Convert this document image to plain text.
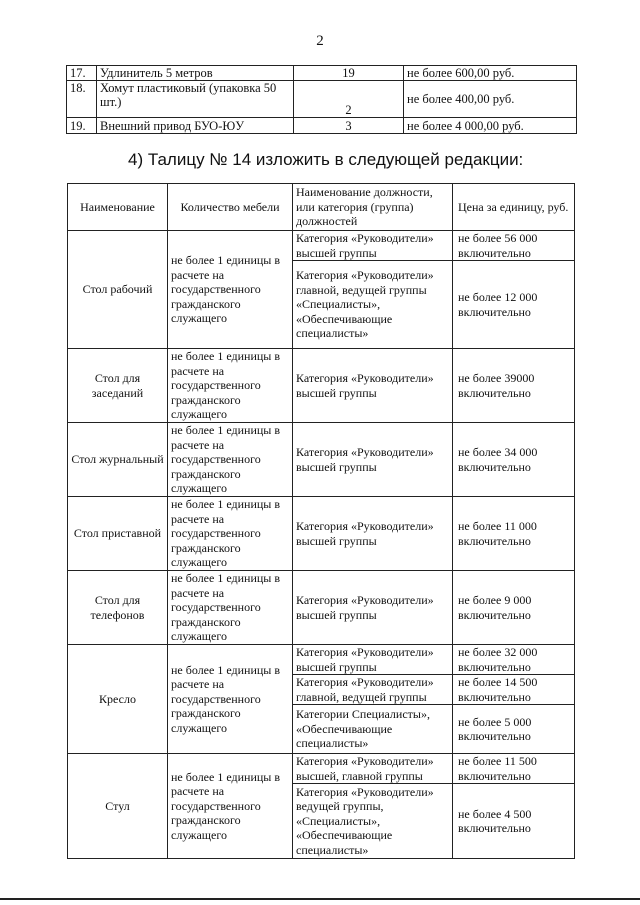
2
17.	Удлинитель 5 метров	19	не более 600,00 руб.
18.	Хомут пластиковый (упаковка 50 шт.)	2	не более 400,00 руб.
19.	Внешний привод БУО-ЮУ	3	не более 4 000,00 руб.
4) Талицу № 14 изложить в следующей редакции:
Наименование	Количество мебели	Наименование должности, или категория (группа) должностей	Цена за единицу, руб.
Стол рабочий	не более 1 единицы в расчете на государственного гражданского служащего	Категория «Руководители» высшей группы	не более 56 000 включительно
		Категория «Руководители» главной, ведущей группы «Специалисты», «Обеспечивающие специалисты»	не более 12 000 включительно
Стол для заседаний	не более 1 единицы в расчете на государственного гражданского служащего	Категория «Руководители» высшей группы	не более 39000 включительно
Стол журнальный	не более 1 единицы в расчете на государственного гражданского служащего	Категория «Руководители» высшей группы	не более 34 000 включительно
Стол приставной	не более 1 единицы в расчете на государственного гражданского служащего	Категория «Руководители» высшей группы	не более 11 000 включительно
Стол для телефонов	не более 1 единицы в расчете на государственного гражданского служащего	Категория «Руководители» высшей группы	не более 9 000 включительно
Кресло	не более 1 единицы в расчете на государственного гражданского служащего	Категория «Руководители» высшей группы	не более 32 000 включительно
		Категория «Руководители» главной, ведущей группы	не более 14 500 включительно
		Категории Специалисты», «Обеспечивающие специалисты»	не более 5 000 включительно
Стул	не более 1 единицы в расчете на государственного гражданского служащего	Категория «Руководители» высшей, главной группы	не более 11 500 включительно
		Категория «Руководители» ведущей группы, «Специалисты», «Обеспечивающие специалисты»	не более 4 500 включительно
